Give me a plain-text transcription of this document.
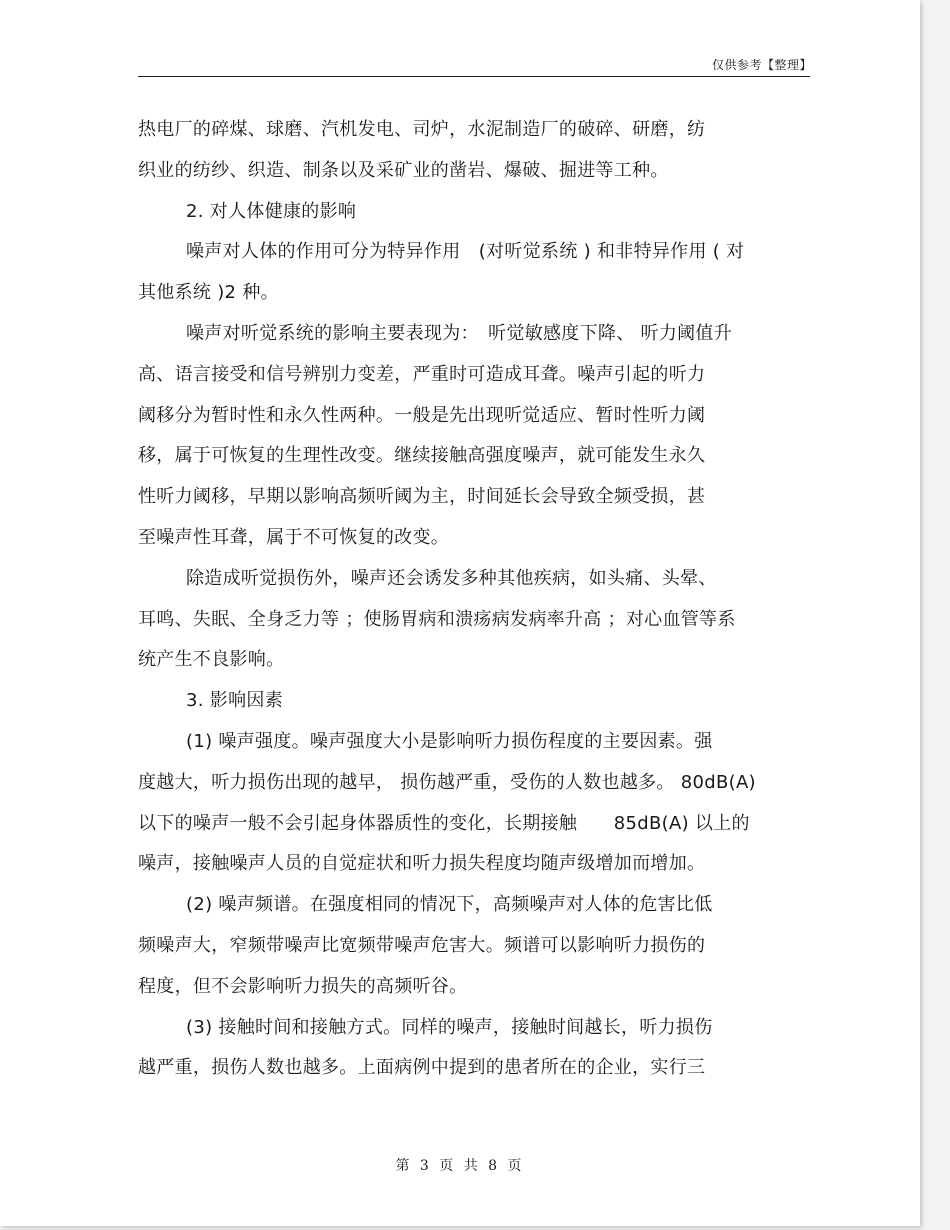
仅供参考【整理】
热电厂的碎煤、球磨、汽机发电、司炉，水泥制造厂的破碎、研磨，纺
织业的纺纱、织造、制条以及采矿业的凿岩、爆破、掘进等工种。
2. 对人体健康的影响
噪声对人体的作用可分为特异作用　(对听觉系统 ) 和非特异作用 ( 对
其他系统 )2 种。
噪声对听觉系统的影响主要表现为：　听觉敏感度下降、 听力阈值升
高、语言接受和信号辨别力变差，严重时可造成耳聋。噪声引起的听力
阈移分为暂时性和永久性两种。一般是先出现听觉适应、暂时性听力阈
移，属于可恢复的生理性改变。继续接触高强度噪声，就可能发生永久
性听力阈移，早期以影响高频听阈为主，时间延长会导致全频受损，甚
至噪声性耳聋，属于不可恢复的改变。
除造成听觉损伤外，噪声还会诱发多种其他疾病，如头痛、头晕、
耳鸣、失眠、全身乏力等 ；使肠胃病和溃疡病发病率升高 ；对心血管等系
统产生不良影响。
3. 影响因素
(1) 噪声强度。噪声强度大小是影响听力损伤程度的主要因素。强
度越大，听力损伤出现的越早， 损伤越严重，受伤的人数也越多。 80dB(A)
以下的噪声一般不会引起身体器质性的变化，长期接触　　85dB(A) 以上的
噪声，接触噪声人员的自觉症状和听力损失程度均随声级增加而增加。
(2) 噪声频谱。在强度相同的情况下，高频噪声对人体的危害比低
频噪声大，窄频带噪声比宽频带噪声危害大。频谱可以影响听力损伤的
程度，但不会影响听力损失的高频听谷。
(3) 接触时间和接触方式。同样的噪声，接触时间越长，听力损伤
越严重，损伤人数也越多。上面病例中提到的患者所在的企业，实行三
第 3 页 共 8 页
